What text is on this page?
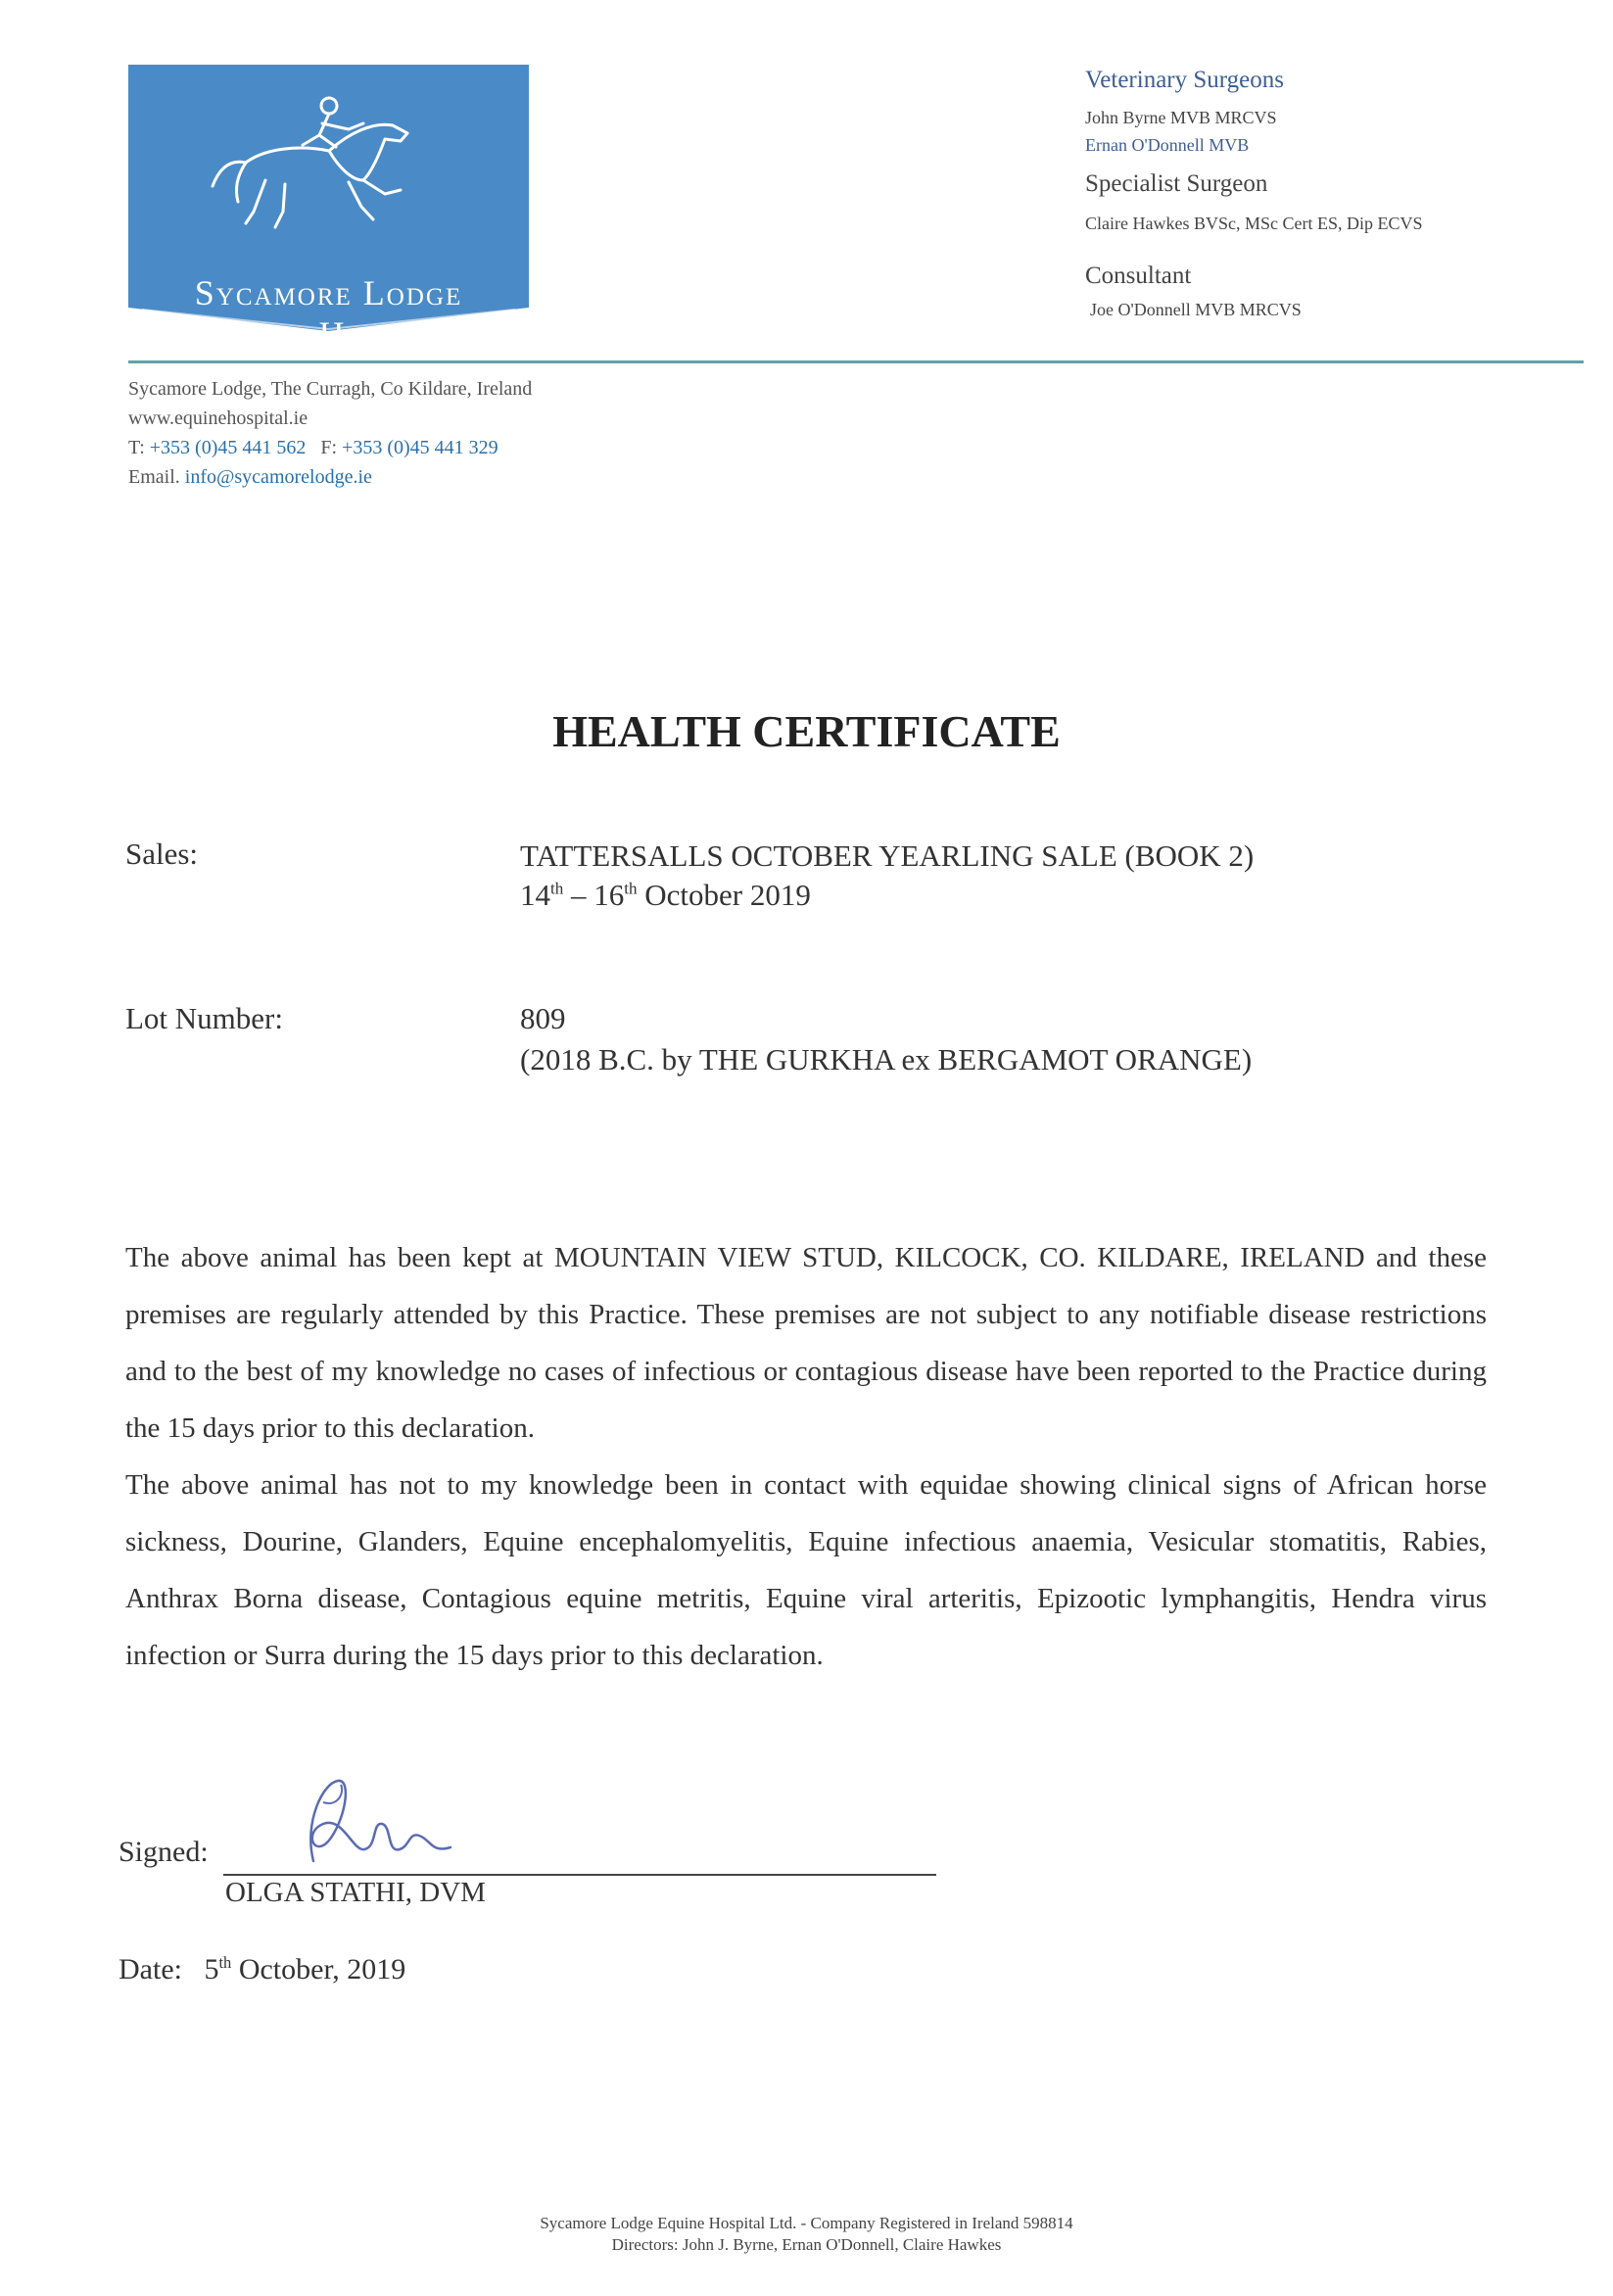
Sycamore Lodge
Equine Hospital
Veterinary Surgeons
John Byrne MVB MRCVS
Ernan O'Donnell MVB
Specialist Surgeon
Claire Hawkes BVSc, MSc Cert ES, Dip ECVS
Consultant
Joe O'Donnell MVB MRCVS
Sycamore Lodge, The Curragh, Co Kildare, Ireland
www.equinehospital.ie
T: +353 (0)45 441 562 F: +353 (0)45 441 329
Email. info@sycamorelodge.ie
HEALTH CERTIFICATE
Sales:	TATTERSALLS OCTOBER YEARLING SALE (BOOK 2)
14th – 16th October 2019
Lot Number:	809
(2018 B.C. by THE GURKHA ex BERGAMOT ORANGE)
The above animal has been kept at MOUNTAIN VIEW STUD, KILCOCK, CO. KILDARE, IRELAND and these premises are regularly attended by this Practice. These premises are not subject to any notifiable disease restrictions and to the best of my knowledge no cases of infectious or contagious disease have been reported to the Practice during the 15 days prior to this declaration.
The above animal has not to my knowledge been in contact with equidae showing clinical signs of African horse sickness, Dourine, Glanders, Equine encephalomyelitis, Equine infectious anaemia, Vesicular stomatitis, Rabies, Anthrax Borna disease, Contagious equine metritis, Equine viral arteritis, Epizootic lymphangitis, Hendra virus infection or Surra during the 15 days prior to this declaration.
Signed:
OLGA STATHI, DVM
Date: 5th October, 2019
Sycamore Lodge Equine Hospital Ltd. - Company Registered in Ireland 598814
Directors: John J. Byrne, Ernan O'Donnell, Claire Hawkes
